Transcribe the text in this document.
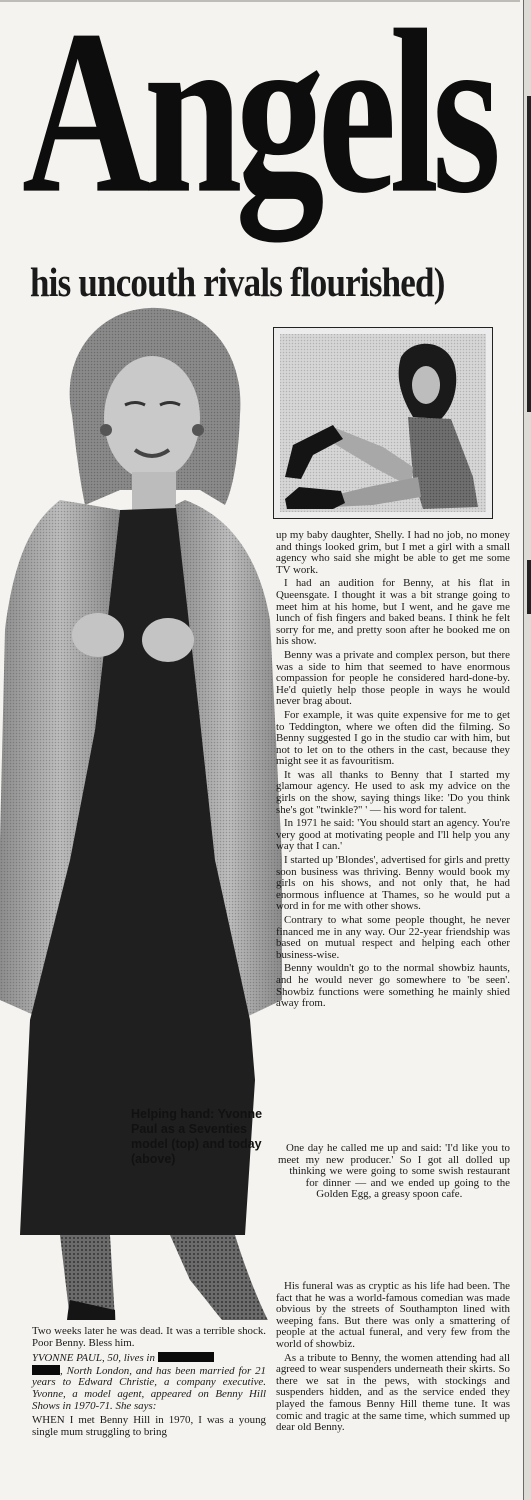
Angels
his uncouth rivals flourished)
Helping hand: Yvonne Paul as a Seventies model (top) and today (above)

up my baby daughter, Shelly. I had no job, no money and things looked grim, but I met a girl with a small agency who said she might be able to get me some TV work.

I had an audition for Benny, at his flat in Queensgate. I thought it was a bit strange going to meet him at his home, but I went, and he gave me lunch of fish fingers and baked beans. I think he felt sorry for me, and pretty soon after he booked me on his show.

Benny was a private and complex person, but there was a side to him that seemed to have enormous compassion for people he considered hard-done-by. He'd quietly help those people in ways he would never brag about.

For example, it was quite expensive for me to get to Teddington, where we often did the filming. So Benny suggested I go in the studio car with him, but not to let on to the others in the cast, because they might see it as favouritism.

It was all thanks to Benny that I started my glamour agency. He used to ask my advice on the girls on the show, saying things like: 'Do you think she's got "twinkle?" ' — his word for talent.

In 1971 he said: 'You should start an agency. You're very good at motivating people and I'll help you any way that I can.'

I started up 'Blondes', advertised for girls and pretty soon business was thriving. Benny would book my girls on his shows, and not only that, he had enormous influence at Thames, so he would put a word in for me with other shows.

Contrary to what some people thought, he never financed me in any way. Our 22-year friendship was based on mutual respect and helping each other business-wise.

Benny wouldn't go to the normal showbiz haunts, and he would never go somewhere to 'be seen'. Showbiz functions were something he mainly shied away from.

One day he called me up and said: 'I'd like you to meet my new producer.' So I got all dolled up thinking we were going to some swish restaurant for dinner — and we ended up going to the Golden Egg, a greasy spoon cafe.

His funeral was as cryptic as his life had been. The fact that he was a world-famous comedian was made obvious by the streets of Southampton lined with weeping fans. But there was only a smattering of people at the actual funeral, and very few from the world of showbiz.

As a tribute to Benny, the women attending had all agreed to wear suspenders underneath their skirts. So there we sat in the pews, with stockings and suspenders hidden, and as the service ended they played the famous Benny Hill theme tune. It was comic and tragic at the same time, which summed up dear old Benny.

Two weeks later he was dead. It was a terrible shock. Poor Benny. Bless him.

YVONNE PAUL, 50, lives in
, North London, and has been married for 21 years to Edward Christie, a company executive. Yvonne, a model agent, appeared on Benny Hill Shows in 1970-71. She says:

WHEN I met Benny Hill in 1970, I was a young single mum struggling to bring
